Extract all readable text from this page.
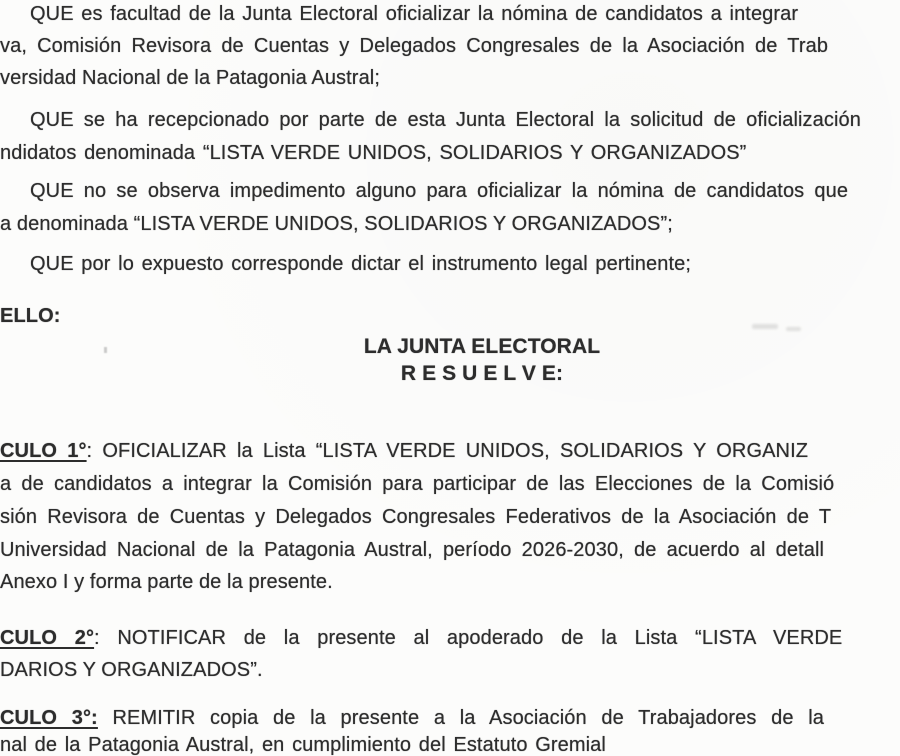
QUE es facultad de la Junta Electoral oficializar la nómina de candidatos a integrar
va, Comisión Revisora de Cuentas y Delegados Congresales de la Asociación de Trab
versidad Nacional de la Patagonia Austral;
QUE se ha recepcionado por parte de esta Junta Electoral la solicitud de oficialización
ndidatos denominada “LISTA VERDE UNIDOS, SOLIDARIOS Y ORGANIZADOS”
QUE no se observa impedimento alguno para oficializar la nómina de candidatos que
a denominada “LISTA VERDE UNIDOS, SOLIDARIOS Y ORGANIZADOS”;
QUE por lo expuesto corresponde dictar el instrumento legal pertinente;
ELLO:
LA JUNTA ELECTORAL
R E S U E L V E:
CULO 1°: OFICIALIZAR la Lista “LISTA VERDE UNIDOS, SOLIDARIOS Y ORGANIZ
a de candidatos a integrar la Comisión para participar de las Elecciones de la Comisió
sión Revisora de Cuentas y Delegados Congresales Federativos de la Asociación de T
Universidad Nacional de la Patagonia Austral, período 2026-2030, de acuerdo al detall
Anexo I y forma parte de la presente.
CULO 2°: NOTIFICAR de la presente al apoderado de la Lista “LISTA VERDE
DARIOS Y ORGANIZADOS”.
CULO 3°: REMITIR copia de la presente a la Asociación de Trabajadores de la
nal de la Patagonia Austral, en cumplimiento del Estatuto Gremial
